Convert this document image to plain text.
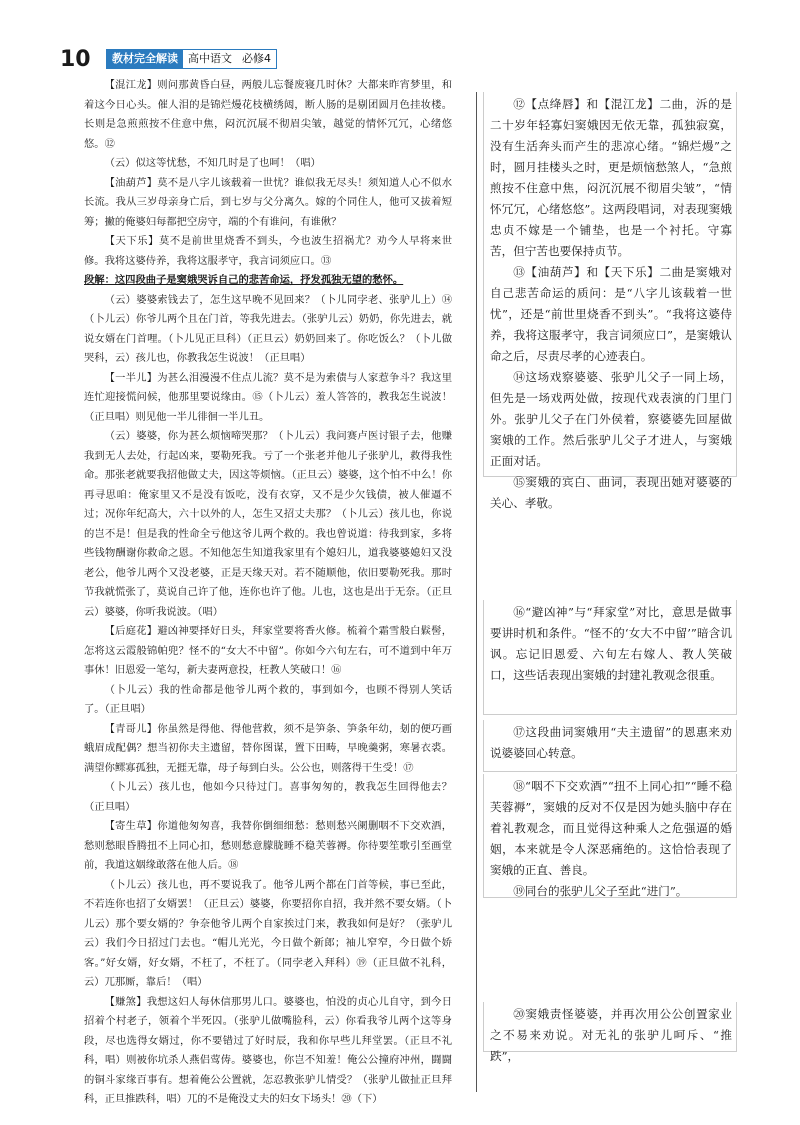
10	教材完全解读 高中语文 必修4

【混江龙】则问那黄昏白昼，两般儿忘餐废寝几时休？大都来昨宵梦里，和着这今日心头。催人泪的是锦烂熳花枝横绣闼，断人肠的是剔团圆月色挂妆楼。长则是急煎煎按不住意中焦，闷沉沉展不彻眉尖皱，越觉的情怀冗冗，心绪悠悠。⑫

（云）似这等忧愁，不知几时是了也呵！（唱）

【油葫芦】莫不是八字儿该载着一世忧？谁似我无尽头！须知道人心不似水长流。我从三岁母亲身亡后，到七岁与父分离久。嫁的个同住人，他可又拔着短筹；撇的俺婆妇每都把空房守，端的个有谁问，有谁偢？

【天下乐】莫不是前世里烧香不到头，今也波生招祸尤？劝今人早将来世修。我将这婆侍养，我将这服孝守，我言词须应口。⑬

段解：这四段曲子是窦娥哭诉自己的悲苦命运，抒发孤独无望的愁怀。

（云）婆婆索钱去了，怎生这早晚不见回来？（卜儿同孛老、张驴儿上）⑭（卜儿云）你爷儿两个且在门首，等我先进去。（张驴儿云）奶奶，你先进去，就说女婿在门首哩。（卜儿见正旦科）（正旦云）奶奶回来了。你吃饭么？（卜儿做哭科，云）孩儿也，你教我怎生说波！（正旦唱）

【一半儿】为甚么泪漫漫不住点儿流？莫不是为索债与人家惹争斗？我这里连忙迎接慌问候，他那里要说缘由。⑮（卜儿云）羞人答答的，教我怎生说波！（正旦唱）则见他一半儿徘徊一半儿丑。

（云）婆婆，你为甚么烦恼啼哭那？（卜儿云）我问赛卢医讨银子去，他赚我到无人去处，行起凶来，要勒死我。亏了一个张老并他儿子张驴儿，救得我性命。那张老就要我招他做丈夫，因这等烦恼。（正旦云）婆婆，这个怕不中么！你再寻思咱：俺家里又不是没有饭吃，没有衣穿，又不是少欠钱债，被人催逼不过；况你年纪高大，六十以外的人，怎生又招丈夫那？（卜儿云）孩儿也，你说的岂不是！但是我的性命全亏他这爷儿两个救的。我也曾说道：待我到家，多将些钱物酬谢你救命之恩。不知他怎生知道我家里有个媳妇儿，道我婆婆媳妇又没老公，他爷儿两个又没老婆，正是天缘天对。若不随顺他，依旧要勒死我。那时节我就慌张了，莫说自己许了他，连你也许了他。儿也，这也是出于无奈。（正旦云）婆婆，你听我说波。（唱）

【后庭花】避凶神要择好日头，拜家堂要将香火修。梳着个霜雪般白鬏髻，怎将这云霞般锦帕兜？怪不的“女大不中留”。你如今六旬左右，可不道到中年万事休！旧恩爱一笔勾，新夫妻两意投，枉教人笑破口！⑯

（卜儿云）我的性命都是他爷儿两个救的，事到如今，也顾不得别人笑话了。（正旦唱）

【青哥儿】你虽然是得他、得他营救，须不是笋条、笋条年幼，刬的便巧画蛾眉成配偶？想当初你夫主遗留，替你图谋，置下田畴，早晚羹粥，寒暑衣裘。满望你鳏寡孤独，无捱无靠，母子每到白头。公公也，则落得干生受！⑰

（卜儿云）孩儿也，他如今只待过门。喜事匆匆的，教我怎生回得他去？（正旦唱）

【寄生草】你道他匆匆喜，我替你倒细细愁：愁则愁兴阑删咽不下交欢酒，愁则愁眼昏腾扭不上同心扣，愁则愁意朦胧睡不稳芙蓉褥。你待要笙歌引至画堂前，我道这姻缘敢落在他人后。⑱

（卜儿云）孩儿也，再不要说我了。他爷儿两个都在门首等候，事已至此，不若连你也招了女婿罢！（正旦云）婆婆，你要招你自招，我并然不要女婿。（卜儿云）那个要女婿的？争奈他爷儿两个自家挨过门来，教我如何是好？（张驴儿云）我们今日招过门去也。“帽儿光光，今日做个新郎；袖儿窄窄，今日做个娇客。”好女婿，好女婿，不枉了，不枉了。（同孛老入拜科）⑲（正旦做不礼科，云）兀那厮，靠后！（唱）

【赚煞】我想这妇人每休信那男儿口。婆婆也，怕没的贞心儿自守，到今日招着个村老子，领着个半死囚。（张驴儿做嘴脸科，云）你看我爷儿两个这等身段，尽也选得女婿过，你不要错过了好时辰，我和你早些儿拜堂罢。（正旦不礼科，唱）则被你坑杀人燕侣莺俦。婆婆也，你岂不知羞！俺公公撞府冲州，闘闘的铜斗家缘百事有。想着俺公公置就，怎忍教张驴儿情受？（张驴儿做扯正旦拜科，正旦推跌科，唱）兀的不是俺没丈夫的妇女下场头！⑳（下）

⑫【点绛唇】和【混江龙】二曲，泝的是二十岁年轻寡妇窦娥因无依无靠，孤独寂寞，没有生活奔头而产生的悲凉心绪。“锦烂熳”之时，圆月挂楼头之时，更是烦恼愁煞人，“急煎煎按不住意中焦，闷沉沉展不彻眉尖皱”，“情怀冗冗，心绪悠悠”。这两段唱词，对表现窦娥忠贞不嫁是一个铺垫，也是一个衬托。守寡苦，但宁苦也要保持贞节。

⑬【油葫芦】和【天下乐】二曲是窦娥对自己悲苦命运的质问：是“八字儿该载着一世忧”，还是“前世里烧香不到头”。“我将这婆侍养，我将这服孝守，我言词须应口”，是窦娥认命之后，尽责尽孝的心迹表白。

⑭这场戏察婆婆、张驴儿父子一同上场，但先是一场戏两处做，按现代戏表演的门里门外。张驴儿父子在门外侯着，察婆婆先回屋做窦娥的工作。然后张驴儿父子才进人，与窦娥正面对话。

⑮窦娥的宾白、曲词，表现出她对婆婆的关心、孝敬。

⑯“避凶神”与“拜家堂”对比，意思是做事要讲时机和条件。“怪不的‘女大不中留’”暗含讥讽。忘记旧恩爱、六旬左右嫁人、教人笑破口，这些话表现出窦娥的封建礼教观念很重。

⑰这段曲词窦娥用“夫主遗留”的恩惠来劝说婆婆回心转意。

⑱“咽不下交欢酒”“扭不上同心扣”“睡不稳芙蓉褥”，窦娥的反对不仅是因为她头脑中存在着礼教观念，而且觉得这种乘人之危强逼的婚姻，本来就是令人深恶痛绝的。这恰恰表现了窦娥的正直、善良。

⑲同台的张驴儿父子至此“进门”。

⑳窦娥责怪婆婆，并再次用公公创置家业之不易来劝说。对无礼的张驴儿呵斥、“推跌”，
